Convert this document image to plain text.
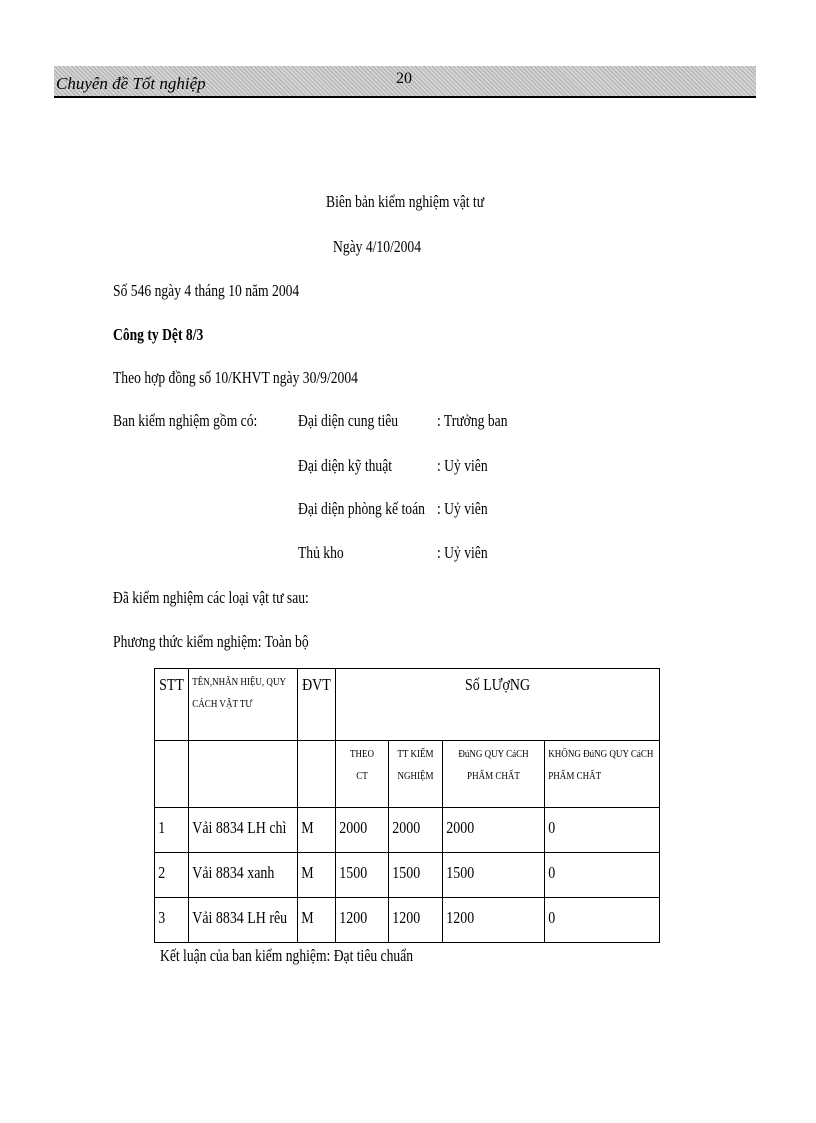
Chuyên đề Tốt nghiệp	20
Biên bản kiểm nghiệm vật tư
Ngày 4/10/2004
Số 546 ngày 4 tháng 10 năm 2004
Công ty Dệt 8/3
Theo hợp đồng số 10/KHVT ngày 30/9/2004
Ban kiểm nghiệm gồm có: Đại diện cung tiêu : Trưởng ban
Đại diện kỹ thuật	: Uỷ viên
Đại diện phòng kế toán : Uỷ viên
Thủ kho	: Uỷ viên
Đã kiểm nghiệm các loại vật tư sau:
Phương thức kiểm nghiệm: Toàn bộ
STT	TÊN,NHÃN HIỆU, QUY CÁCH VẬT TƯ	ĐVT	Số LƯợNG			

			THEO CT	TT KIỂM NGHIỆM	ĐúNG QUY CáCH PHẨM CHẤT	KHÔNG ĐúNG QUY CáCH PHẨM CHẤT

1	Vải 8834 LH chì	M	2000	2000	2000	0

2	Vải 8834 xanh	M	1500	1500	1500	0

3	Vải 8834 LH rêu	M	1200	1200	1200	0
Kết luận của ban kiểm nghiệm: Đạt tiêu chuẩn
